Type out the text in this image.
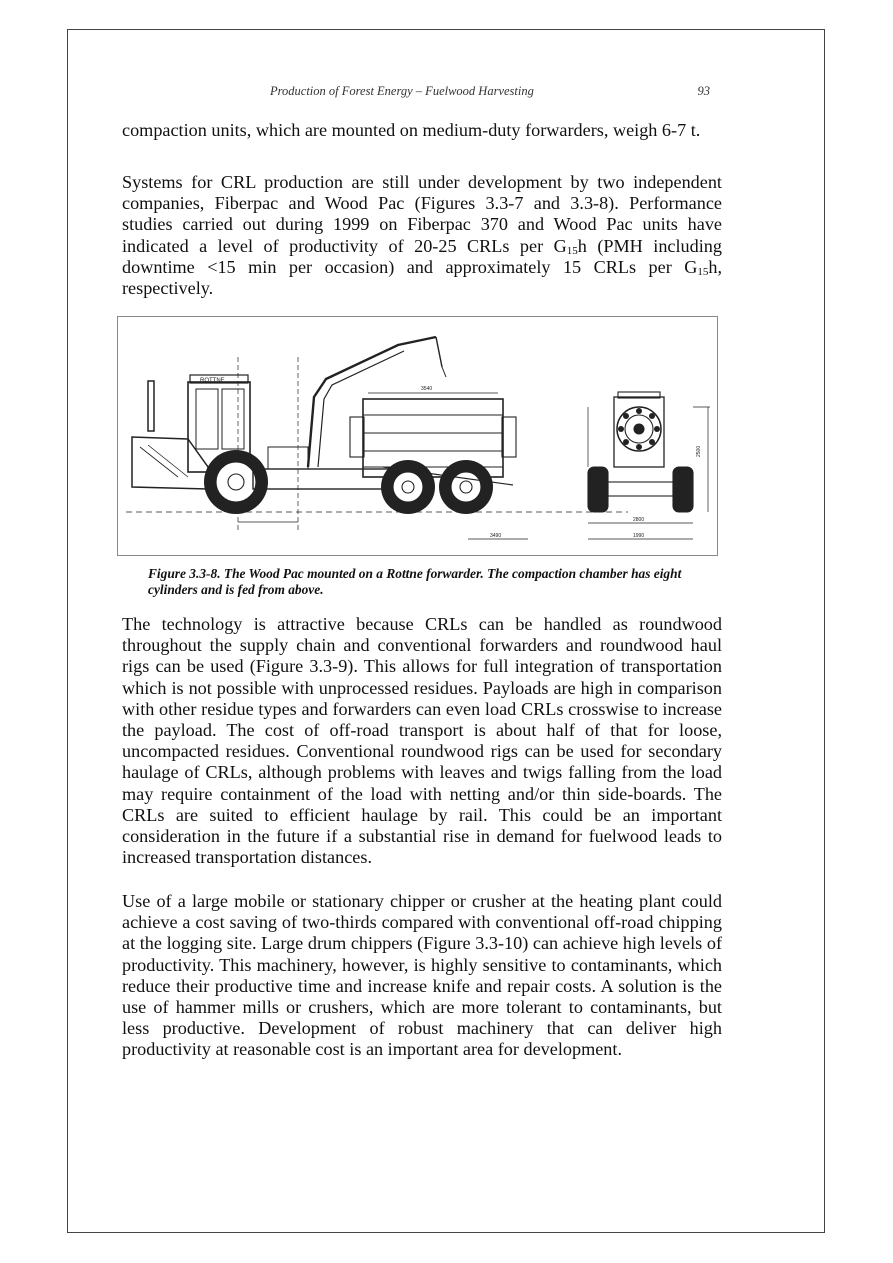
Production of Forest Energy – Fuelwood Harvesting	93

compaction units, which are mounted on medium-duty forwarders, weigh 6-7 t.

Systems for CRL production are still under development by two independent companies, Fiberpac and Wood Pac (Figures 3.3-7 and 3.3-8). Performance studies carried out during 1999 on Fiberpac 370 and Wood Pac units have indicated a level of productivity of 20-25 CRLs per $G_{15}h$ (PMH including downtime <15 min per occasion) and approximately 15 CRLs per $G_{15}h$, respectively.

ROTTNE
3540
3490
2500
2800
1990

Figure 3.3-8. The Wood Pac mounted on a Rottne forwarder. The compaction chamber has eight cylinders and is fed from above.

The technology is attractive because CRLs can be handled as roundwood throughout the supply chain and conventional forwarders and roundwood haul rigs can be used (Figure 3.3-9). This allows for full integration of transportation which is not possible with unprocessed residues. Payloads are high in comparison with other residue types and forwarders can even load CRLs crosswise to increase the payload. The cost of off-road transport is about half of that for loose, uncompacted residues. Conventional roundwood rigs can be used for secondary haulage of CRLs, although problems with leaves and twigs falling from the load may require containment of the load with netting and/or thin side-boards. The CRLs are suited to efficient haulage by rail. This could be an important consideration in the future if a substantial rise in demand for fuelwood leads to increased transportation distances.

Use of a large mobile or stationary chipper or crusher at the heating plant could achieve a cost saving of two-thirds compared with conventional off-road chipping at the logging site. Large drum chippers (Figure 3.3-10) can achieve high levels of productivity. This machinery, however, is highly sensitive to contaminants, which reduce their productive time and increase knife and repair costs. A solution is the use of hammer mills or crushers, which are more tolerant to contaminants, but less productive. Development of robust machinery that can deliver high productivity at reasonable cost is an important area for development.
